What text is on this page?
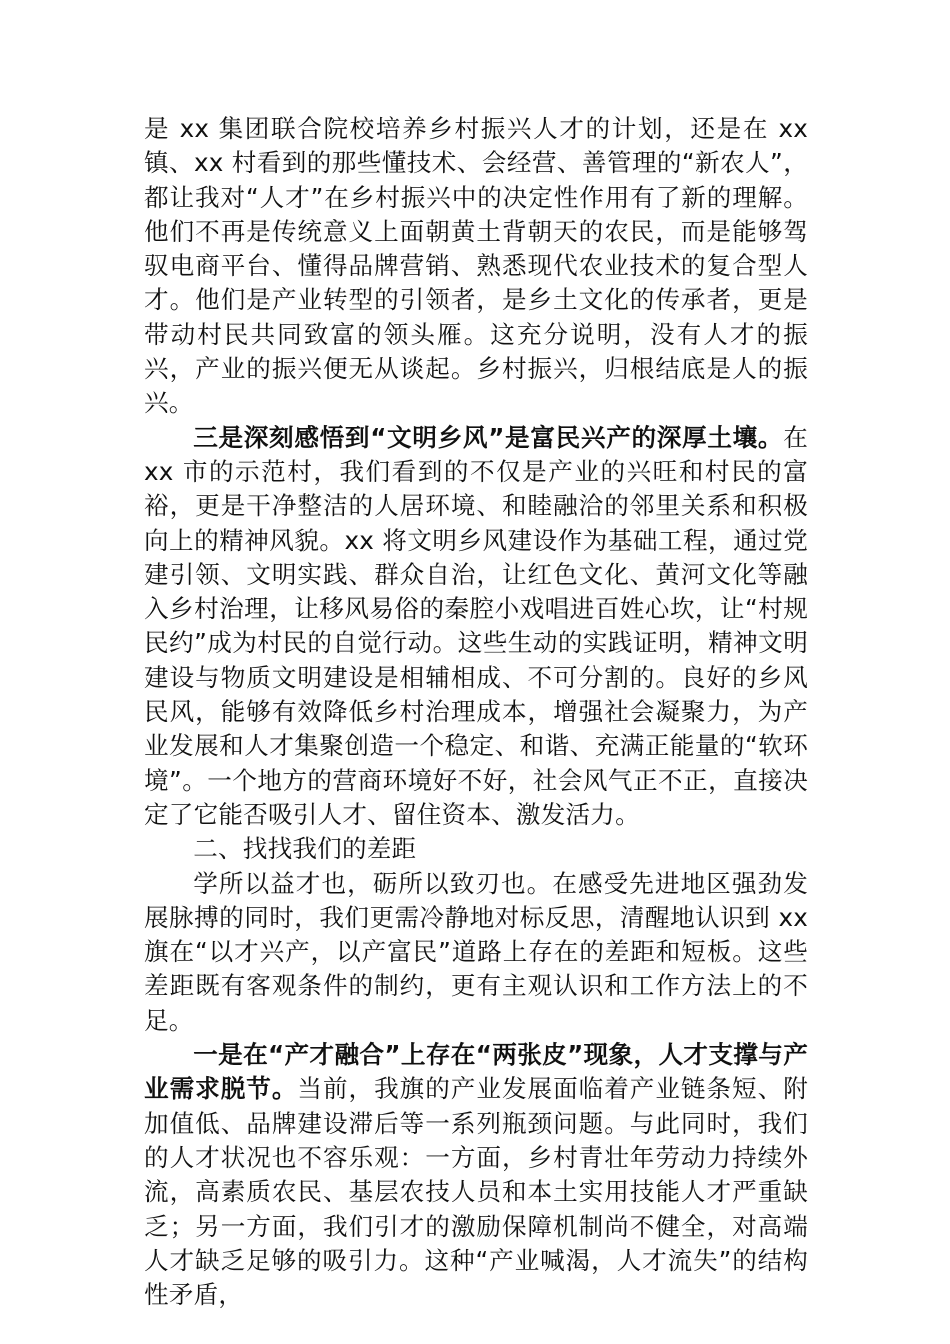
是 xx 集团联合院校培养乡村振兴人才的计划，还是在 xx 镇、xx 村看到的那些懂技术、会经营、善管理的“新农人”，都让我对“人才”在乡村振兴中的决定性作用有了新的理解。他们不再是传统意义上面朝黄土背朝天的农民，而是能够驾驭电商平台、懂得品牌营销、熟悉现代农业技术的复合型人才。他们是产业转型的引领者，是乡土文化的传承者，更是带动村民共同致富的领头雁。这充分说明，没有人才的振兴，产业的振兴便无从谈起。乡村振兴，归根结底是人的振兴。

三是深刻感悟到“文明乡风”是富民兴产的深厚土壤。在 xx 市的示范村，我们看到的不仅是产业的兴旺和村民的富裕，更是干净整洁的人居环境、和睦融洽的邻里关系和积极向上的精神风貌。xx 将文明乡风建设作为基础工程，通过党建引领、文明实践、群众自治，让红色文化、黄河文化等融入乡村治理，让移风易俗的秦腔小戏唱进百姓心坎，让“村规民约”成为村民的自觉行动。这些生动的实践证明，精神文明建设与物质文明建设是相辅相成、不可分割的。良好的乡风民风，能够有效降低乡村治理成本，增强社会凝聚力，为产业发展和人才集聚创造一个稳定、和谐、充满正能量的“软环境”。一个地方的营商环境好不好，社会风气正不正，直接决定了它能否吸引人才、留住资本、激发活力。

二、找找我们的差距

学所以益才也，砺所以致刃也。在感受先进地区强劲发展脉搏的同时，我们更需冷静地对标反思，清醒地认识到 xx 旗在“以才兴产，以产富民”道路上存在的差距和短板。这些差距既有客观条件的制约，更有主观认识和工作方法上的不足。

一是在“产才融合”上存在“两张皮”现象，人才支撑与产业需求脱节。当前，我旗的产业发展面临着产业链条短、附加值低、品牌建设滞后等一系列瓶颈问题。与此同时，我们的人才状况也不容乐观：一方面，乡村青壮年劳动力持续外流，高素质农民、基层农技人员和本土实用技能人才严重缺乏；另一方面，我们引才的激励保障机制尚不健全，对高端人才缺乏足够的吸引力。这种“产业喊渴，人才流失”的结构性矛盾，
